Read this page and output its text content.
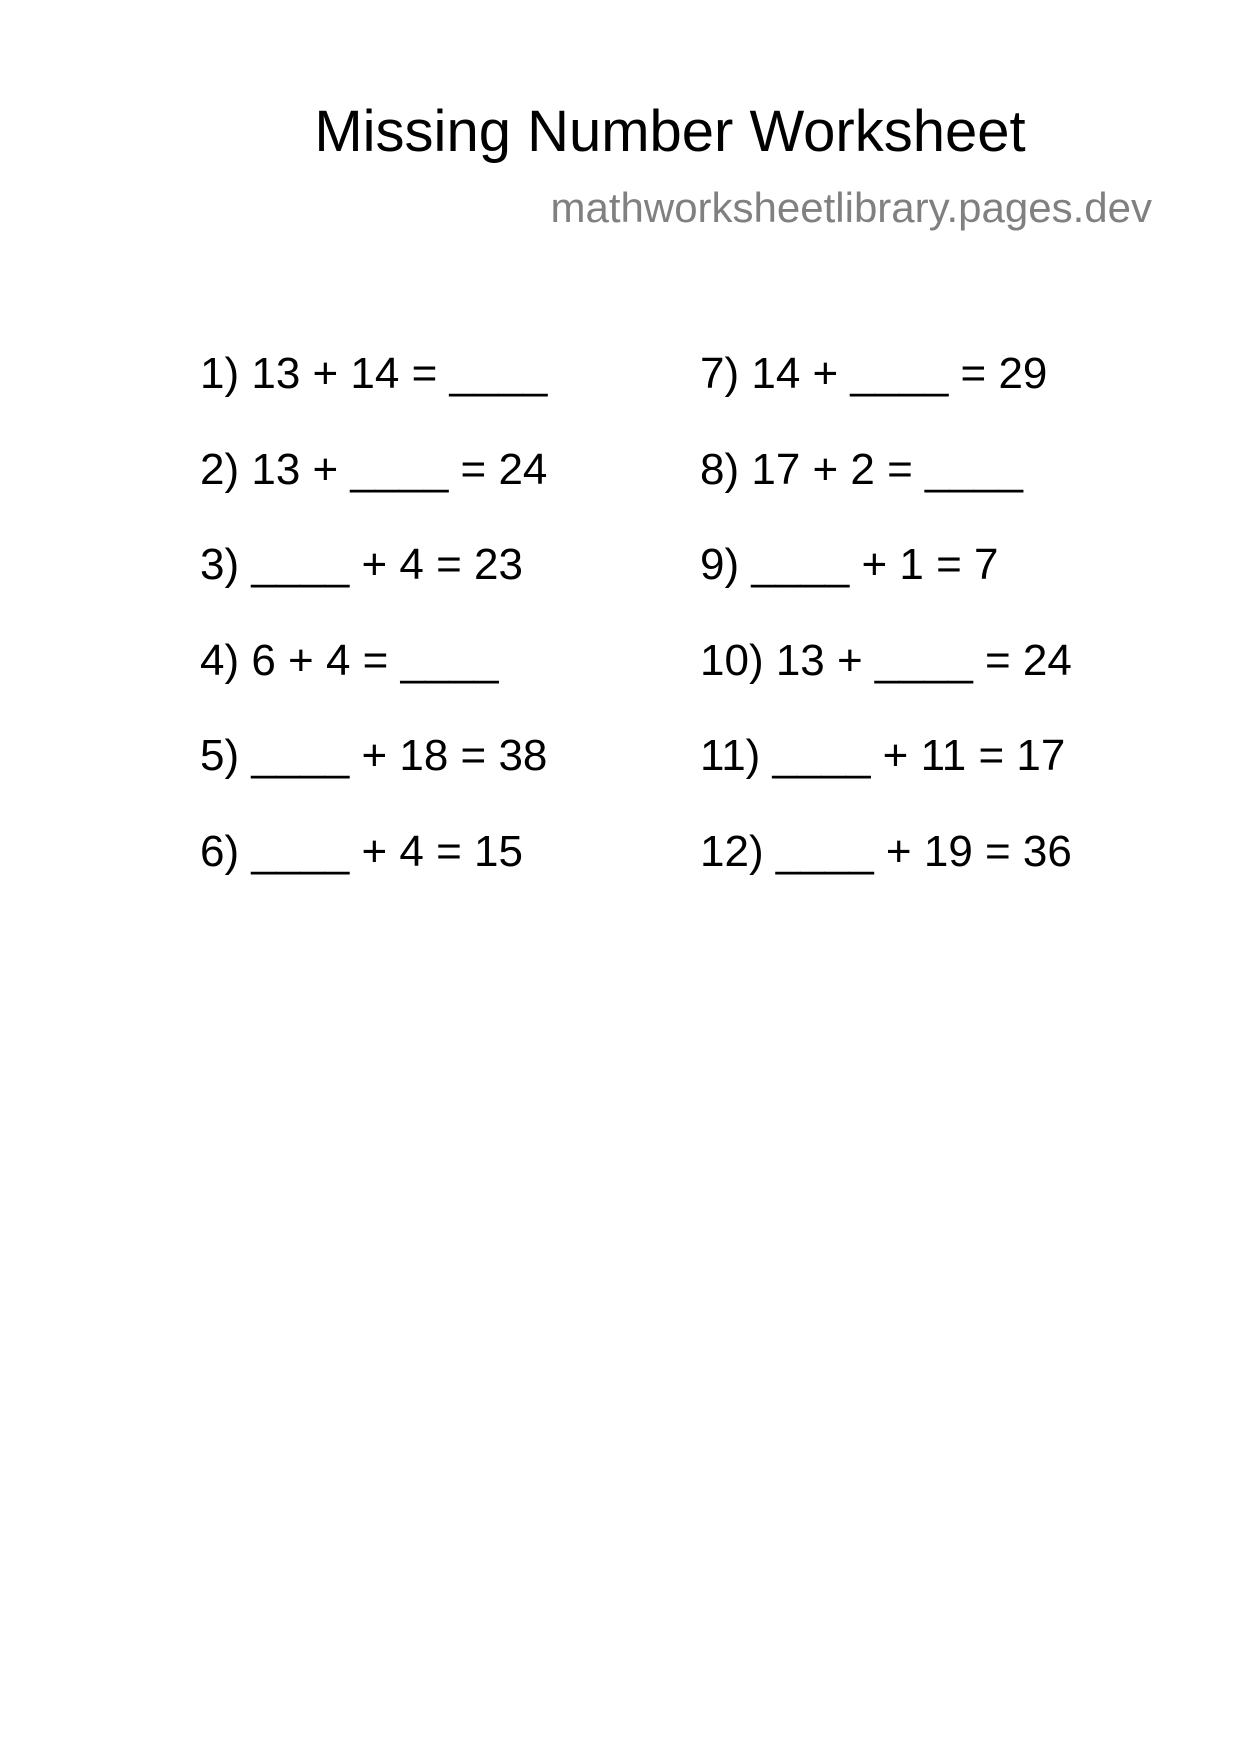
Missing Number Worksheet
mathworksheetlibrary.pages.dev
1) 13 + 14 = ____
2) 13 + ____ = 24
3) ____ + 4 = 23
4) 6 + 4 = ____
5) ____ + 18 = 38
6) ____ + 4 = 15
7) 14 + ____ = 29
8) 17 + 2 = ____
9) ____ + 1 = 7
10) 13 + ____ = 24
11) ____ + 11 = 17
12) ____ + 19 = 36
